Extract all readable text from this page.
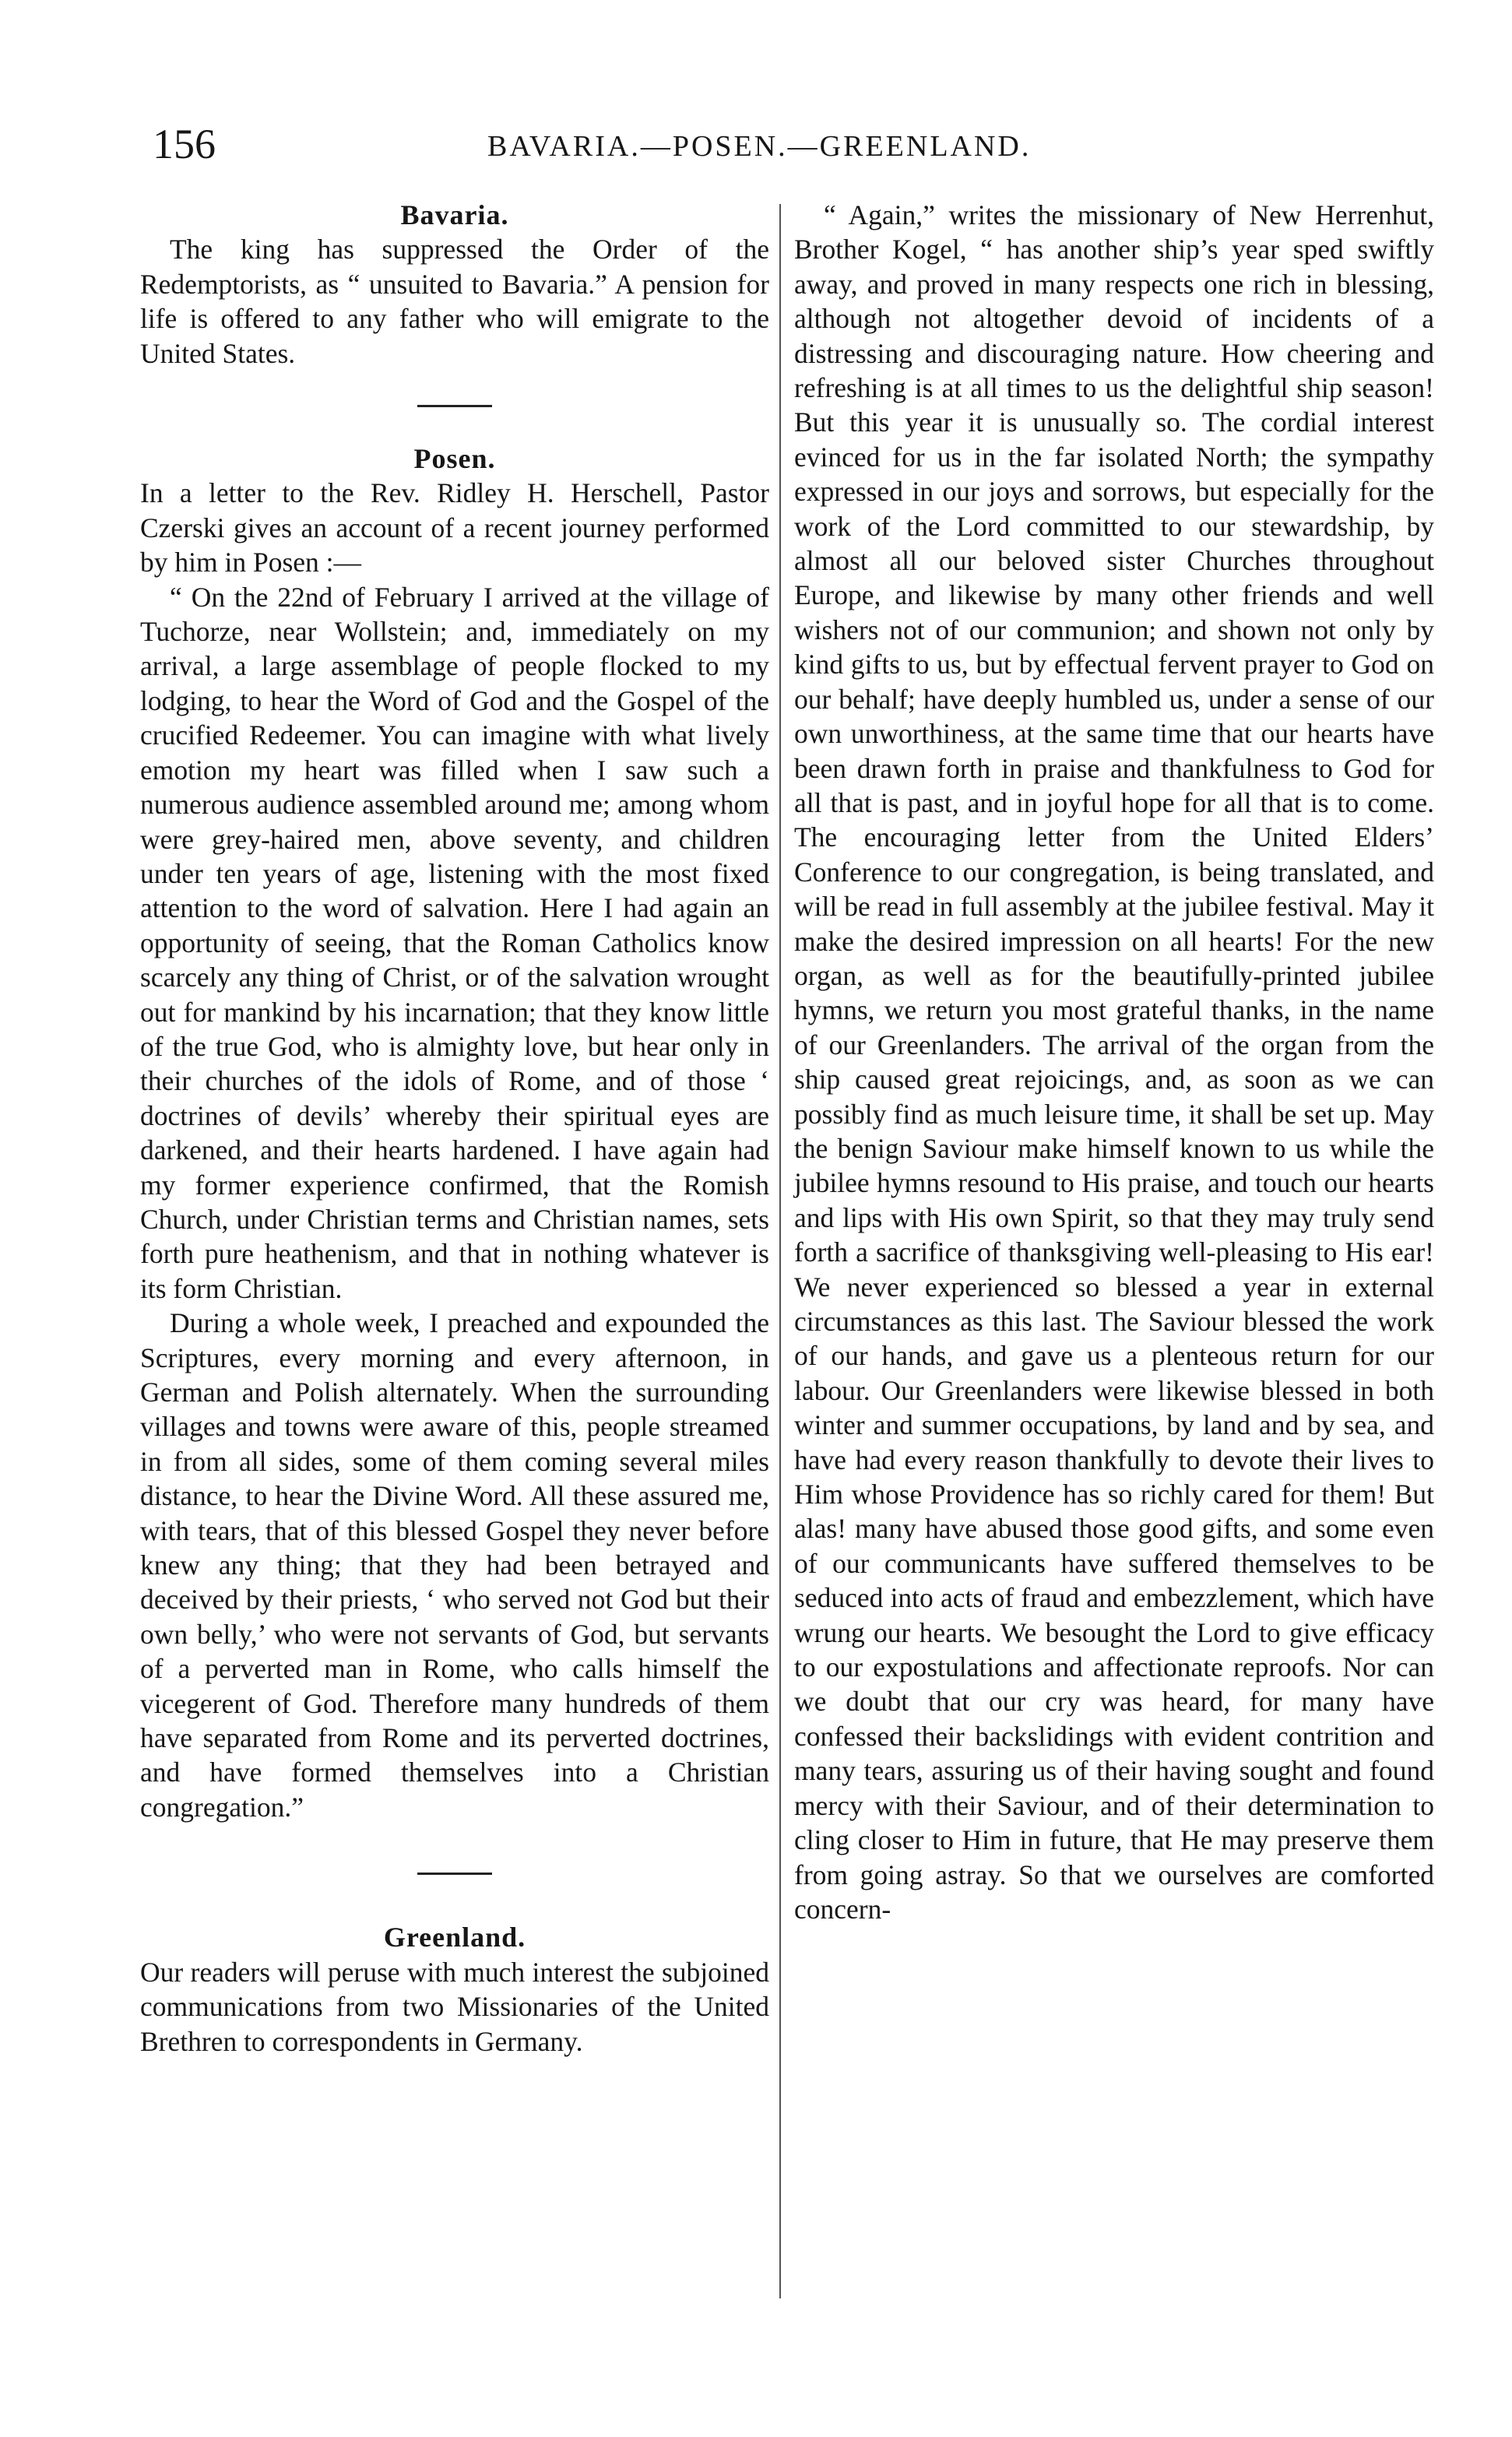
156	BAVARIA.—POSEN.—GREENLAND.
Bavaria.

The king has suppressed the Order of the Redemptorists, as “ unsuited to Bavaria.” A pension for life is offered to any father who will emigrate to the United States.

Posen.

In a letter to the Rev. Ridley H. Herschell, Pastor Czerski gives an account of a recent journey performed by him in Posen :—

“ On the 22nd of February I arrived at the village of Tuchorze, near Wollstein; and, immediately on my arrival, a large assemblage of people flocked to my lodging, to hear the Word of God and the Gospel of the crucified Redeemer. You can imagine with what lively emotion my heart was filled when I saw such a numerous audience assembled around me; among whom were grey-haired men, above seventy, and children under ten years of age, listening with the most fixed attention to the word of salvation. Here I had again an opportunity of seeing, that the Roman Catholics know scarcely any thing of Christ, or of the salvation wrought out for mankind by his incarnation; that they know little of the true God, who is almighty love, but hear only in their churches of the idols of Rome, and of those ‘ doctrines of devils’ whereby their spiritual eyes are darkened, and their hearts hardened. I have again had my former experience confirmed, that the Romish Church, under Christian terms and Christian names, sets forth pure heathenism, and that in nothing whatever is its form Christian.

During a whole week, I preached and expounded the Scriptures, every morning and every afternoon, in German and Polish alternately. When the surrounding villages and towns were aware of this, people streamed in from all sides, some of them coming several miles distance, to hear the Divine Word. All these assured me, with tears, that of this blessed Gospel they never before knew any thing; that they had been betrayed and deceived by their priests, ‘ who served not God but their own belly,’ who were not servants of God, but servants of a perverted man in Rome, who calls himself the vicegerent of God. Therefore many hundreds of them have separated from Rome and its perverted doctrines, and have formed themselves into a Christian congregation.”

Greenland.

Our readers will peruse with much interest the subjoined communications from two Missionaries of the United Brethren to correspondents in Germany.

“ Again,” writes the missionary of New Herrenhut, Brother Kogel, “ has another ship’s year sped swiftly away, and proved in many respects one rich in blessing, although not altogether devoid of incidents of a distressing and discouraging nature. How cheering and refreshing is at all times to us the delightful ship season! But this year it is unusually so. The cordial interest evinced for us in the far isolated North; the sympathy expressed in our joys and sorrows, but especially for the work of the Lord committed to our stewardship, by almost all our beloved sister Churches throughout Europe, and likewise by many other friends and well wishers not of our communion; and shown not only by kind gifts to us, but by effectual fervent prayer to God on our behalf; have deeply humbled us, under a sense of our own unworthiness, at the same time that our hearts have been drawn forth in praise and thankfulness to God for all that is past, and in joyful hope for all that is to come. The encouraging letter from the United Elders’ Conference to our congregation, is being translated, and will be read in full assembly at the jubilee festival. May it make the desired impression on all hearts! For the new organ, as well as for the beautifully-printed jubilee hymns, we return you most grateful thanks, in the name of our Greenlanders. The arrival of the organ from the ship caused great rejoicings, and, as soon as we can possibly find as much leisure time, it shall be set up. May the benign Saviour make himself known to us while the jubilee hymns resound to His praise, and touch our hearts and lips with His own Spirit, so that they may truly send forth a sacrifice of thanksgiving well-pleasing to His ear! We never experienced so blessed a year in external circumstances as this last. The Saviour blessed the work of our hands, and gave us a plenteous return for our labour. Our Greenlanders were likewise blessed in both winter and summer occupations, by land and by sea, and have had every reason thankfully to devote their lives to Him whose Providence has so richly cared for them! But alas! many have abused those good gifts, and some even of our communicants have suffered themselves to be seduced into acts of fraud and embezzlement, which have wrung our hearts. We besought the Lord to give efficacy to our expostulations and affectionate reproofs. Nor can we doubt that our cry was heard, for many have confessed their backslidings with evident contrition and many tears, assuring us of their having sought and found mercy with their Saviour, and of their determination to cling closer to Him in future, that He may preserve them from going astray. So that we ourselves are comforted concern-
